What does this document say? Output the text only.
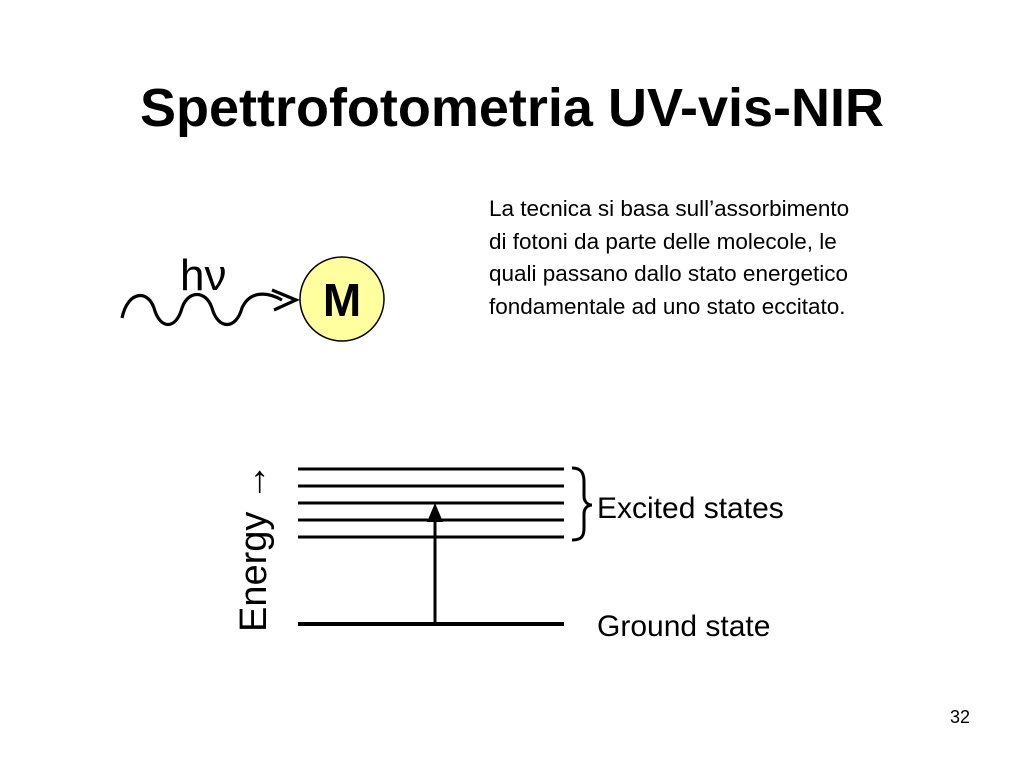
Spettrofotometria UV-vis-NIR
La tecnica si basa sull’assorbimento
di fotoni da parte delle molecole, le
quali passano dallo stato energetico
fondamentale ad uno stato eccitato.
hν M
Energy →	Excited states
Ground state
32
